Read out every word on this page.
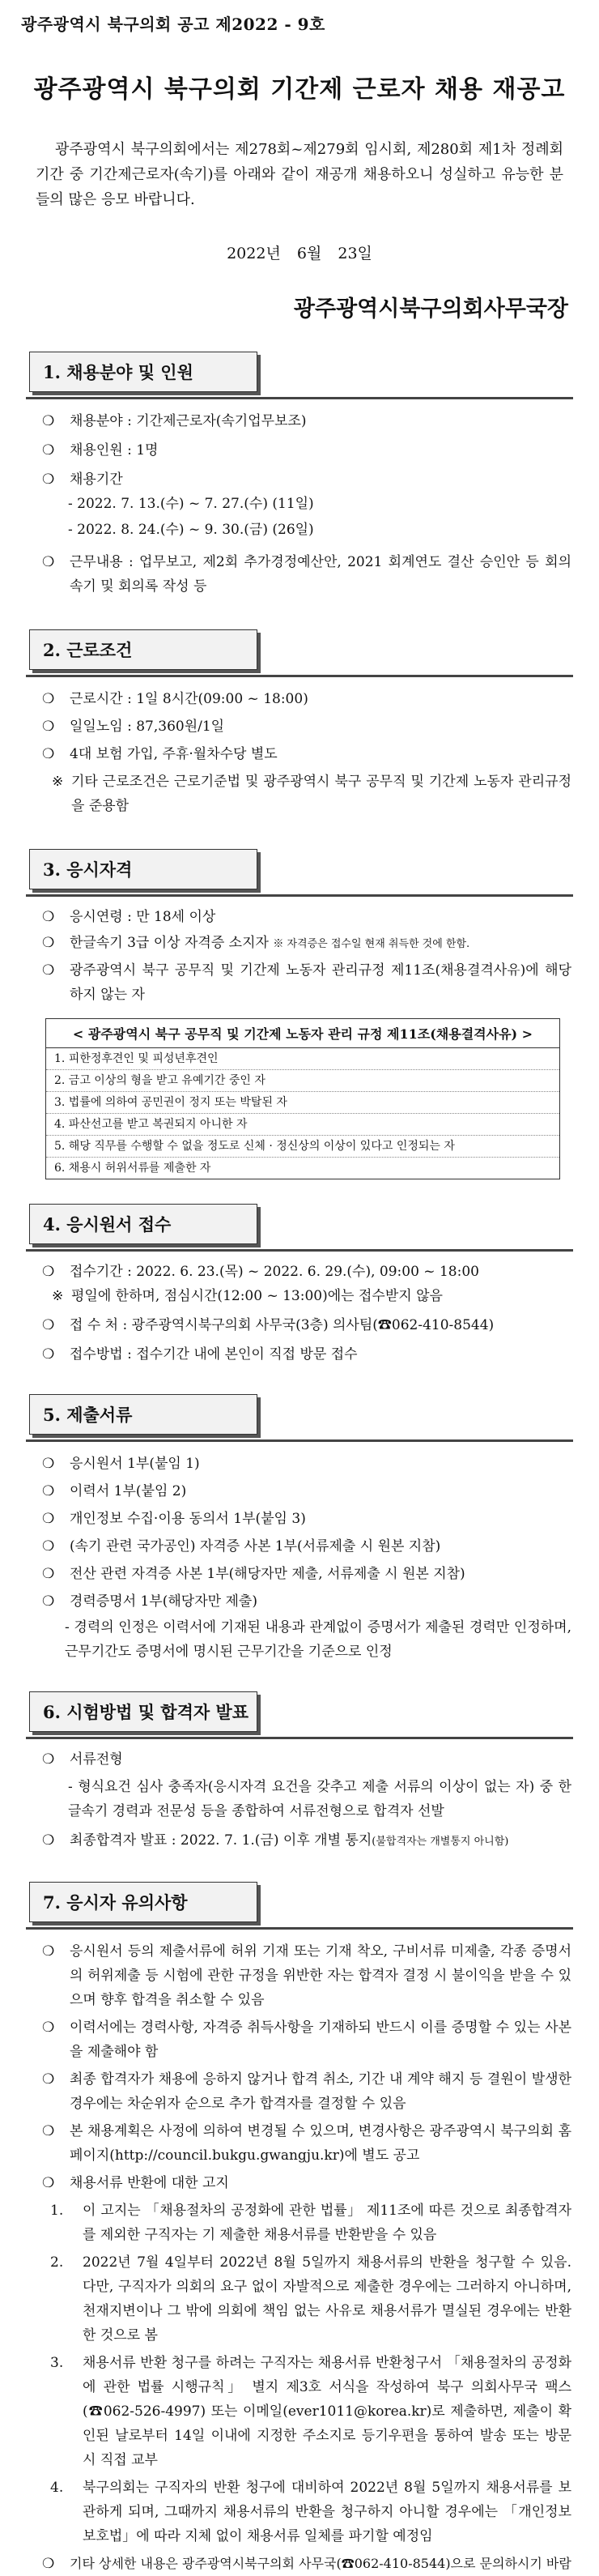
광주광역시 북구의회 공고 제2022 - 9호
광주광역시 북구의회 기간제 근로자 채용 재공고
광주광역시 북구의회에서는 제278회~제279회 임시회, 제280회 제1차 정례회 기간 중 기간제근로자(속기)를 아래와 같이 재공개 채용하오니 성실하고 유능한 분들의 많은 응모 바랍니다.
2022년 6월 23일
광주광역시북구의회사무국장
1. 채용분야 및 인원
❍ 채용분야 : 기간제근로자(속기업무보조)
❍ 채용인원 : 1명
❍ 채용기간
- 2022. 7. 13.(수) ~ 7. 27.(수) (11일)
- 2022. 8. 24.(수) ~ 9. 30.(금) (26일)
❍ 근무내용 : 업무보고, 제2회 추가경정예산안, 2021 회계연도 결산 승인안 등 회의 속기 및 회의록 작성 등
2. 근로조건
❍ 근로시간 : 1일 8시간(09:00 ~ 18:00)
❍ 일일노임 : 87,360원/1일
❍ 4대 보험 가입, 주휴·월차수당 별도
※ 기타 근로조건은 근로기준법 및 광주광역시 북구 공무직 및 기간제 노동자 관리규정을 준용함
3. 응시자격
❍ 응시연령 : 만 18세 이상
❍ 한글속기 3급 이상 자격증 소지자 ※ 자격증은 접수일 현재 취득한 것에 한함.
❍ 광주광역시 북구 공무직 및 기간제 노동자 관리규정 제11조(채용결격사유)에 해당하지 않는 자
< 광주광역시 북구 공무직 및 기간제 노동자 관리 규정 제11조(채용결격사유) >
1. 피한정후견인 및 피성년후견인
2. 금고 이상의 형을 받고 유예기간 중인 자
3. 법률에 의하여 공민권이 정지 또는 박탈된 자
4. 파산선고를 받고 복권되지 아니한 자
5. 해당 직무를 수행할 수 없을 정도로 신체 · 정신상의 이상이 있다고 인정되는 자
6. 채용시 허위서류를 제출한 자
4. 응시원서 접수
❍ 접수기간 : 2022. 6. 23.(목) ~ 2022. 6. 29.(수), 09:00 ~ 18:00
※ 평일에 한하며, 점심시간(12:00 ~ 13:00)에는 접수받지 않음
❍ 접 수 처 : 광주광역시북구의회 사무국(3층) 의사팀(☎062-410-8544)
❍ 접수방법 : 접수기간 내에 본인이 직접 방문 접수
5. 제출서류
❍ 응시원서 1부(붙임 1)
❍ 이력서 1부(붙임 2)
❍ 개인정보 수집·이용 동의서 1부(붙임 3)
❍ (속기 관련 국가공인) 자격증 사본 1부(서류제출 시 원본 지참)
❍ 전산 관련 자격증 사본 1부(해당자만 제출, 서류제출 시 원본 지참)
❍ 경력증명서 1부(해당자만 제출)
- 경력의 인정은 이력서에 기재된 내용과 관계없이 증명서가 제출된 경력만 인정하며, 근무기간도 증명서에 명시된 근무기간을 기준으로 인정
6. 시험방법 및 합격자 발표
❍ 서류전형
- 형식요건 심사 충족자(응시자격 요건을 갖추고 제출 서류의 이상이 없는 자) 중 한글속기 경력과 전문성 등을 종합하여 서류전형으로 합격자 선발
❍ 최종합격자 발표 : 2022. 7. 1.(금) 이후 개별 통지(불합격자는 개별통지 아니함)
7. 응시자 유의사항
❍ 응시원서 등의 제출서류에 허위 기재 또는 기재 착오, 구비서류 미제출, 각종 증명서의 허위제출 등 시험에 관한 규정을 위반한 자는 합격자 결정 시 불이익을 받을 수 있으며 향후 합격을 취소할 수 있음
❍ 이력서에는 경력사항, 자격증 취득사항을 기재하되 반드시 이를 증명할 수 있는 사본을 제출해야 함
❍ 최종 합격자가 채용에 응하지 않거나 합격 취소, 기간 내 계약 해지 등 결원이 발생한 경우에는 차순위자 순으로 추가 합격자를 결정할 수 있음
❍ 본 채용계획은 사정에 의하여 변경될 수 있으며, 변경사항은 광주광역시 북구의회 홈페이지(http://council.bukgu.gwangju.kr)에 별도 공고
❍ 채용서류 반환에 대한 고지
1.	이 고지는 「채용절차의 공정화에 관한 법률」 제11조에 따른 것으로 최종합격자를 제외한 구직자는 기 제출한 채용서류를 반환받을 수 있음
2.	2022년 7월 4일부터 2022년 8월 5일까지 채용서류의 반환을 청구할 수 있음. 다만, 구직자가 의회의 요구 없이 자발적으로 제출한 경우에는 그러하지 아니하며, 천재지변이나 그 밖에 의회에 책임 없는 사유로 채용서류가 멸실된 경우에는 반환한 것으로 봄
3.	채용서류 반환 청구를 하려는 구직자는 채용서류 반환청구서 「채용절차의 공정화에 관한 법률 시행규칙」 별지 제3호 서식을 작성하여 북구 의회사무국 팩스(☎062-526-4997) 또는 이메일(ever1011@korea.kr)로 제출하면, 제출이 확인된 날로부터 14일 이내에 지정한 주소지로 등기우편을 통하여 발송 또는 방문 시 직접 교부
4.	북구의회는 구직자의 반환 청구에 대비하여 2022년 8월 5일까지 채용서류를 보관하게 되며, 그때까지 채용서류의 반환을 청구하지 아니할 경우에는 「개인정보 보호법」에 따라 지체 없이 채용서류 일체를 파기할 예정임
❍ 기타 상세한 내용은 광주광역시북구의회 사무국(☎062-410-8544)으로 문의하시기 바람
